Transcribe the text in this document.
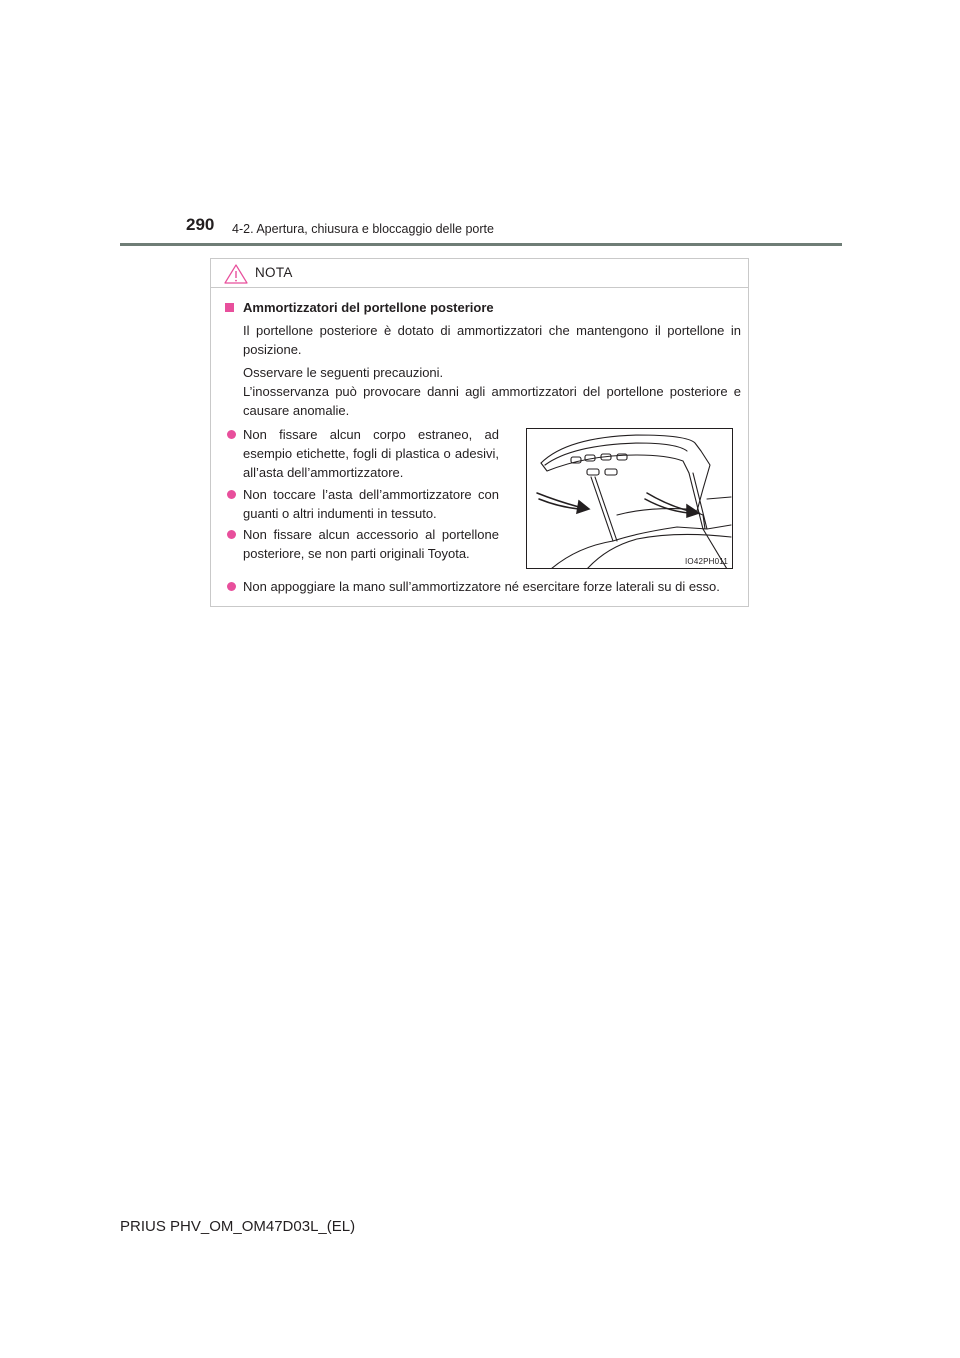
290 4-2. Apertura, chiusura e bloccaggio delle porte
NOTA
Ammortizzatori del portellone posteriore
Il portellone posteriore è dotato di ammortizzatori che mantengono il portellone in posizione.
Osservare le seguenti precauzioni.
L’inosservanza può provocare danni agli ammortizzatori del portellone posteriore e causare anomalie.
Non fissare alcun corpo estraneo, ad esempio etichette, fogli di plastica o adesivi, all’asta dell’ammortizzatore.
Non toccare l’asta dell’ammortizzatore con guanti o altri indumenti in tessuto.
Non fissare alcun accessorio al portellone posteriore, se non parti originali Toyota.
Non appoggiare la mano sull’ammortizzatore né esercitare forze laterali su di esso.
IO42PH011
PRIUS PHV_OM_OM47D03L_(EL)
